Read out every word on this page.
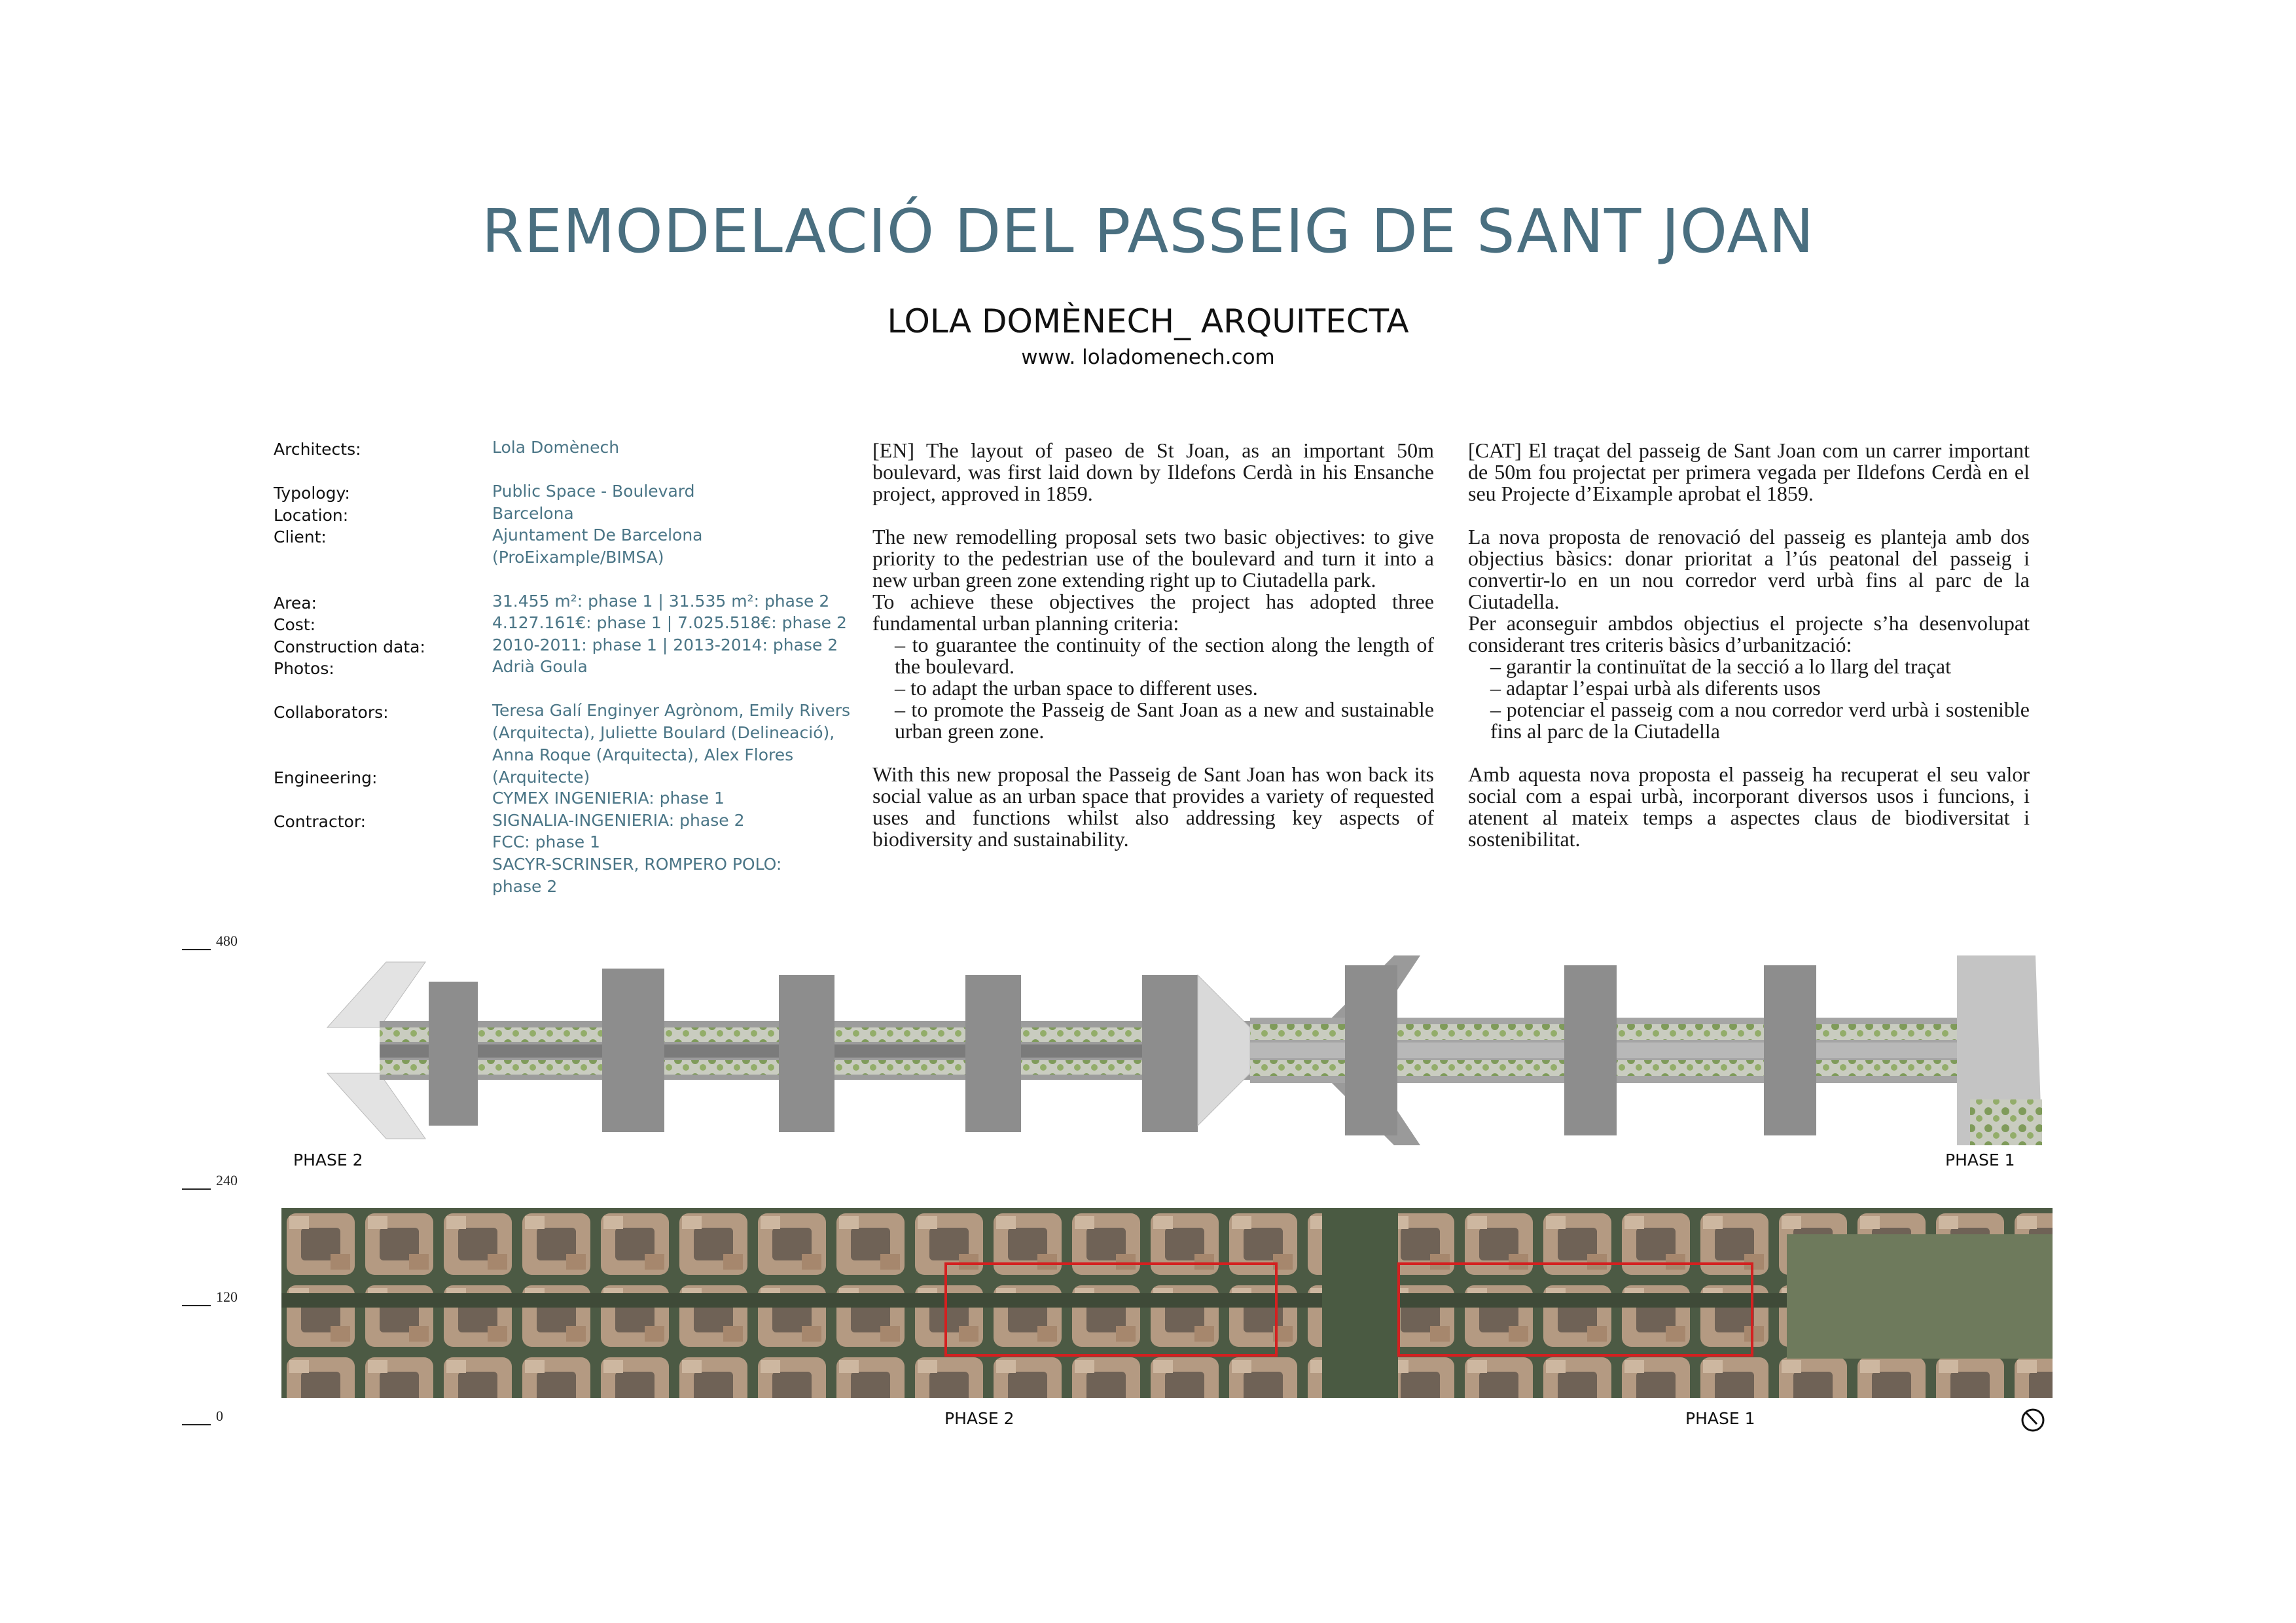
REMODELACIÓ DEL PASSEIG DE SANT JOAN
LOLA DOMÈNECH_ ARQUITECTA
www. loladomenech.com
Architects:	Lola Domènech
Typology:	Public Space - Boulevard
Location:	Barcelona
Client:	Ajuntament De Barcelona
(ProEixample/BIMSA)
Area:	31.455 m²: phase 1 | 31.535 m²: phase 2
Cost:	4.127.161€: phase 1 | 7.025.518€: phase 2
Construction data:	2010-2011: phase 1 | 2013-2014: phase 2
Photos:	Adrià Goula
Collaborators:	Teresa Galí Enginyer Agrònom, Emily Rivers
(Arquitecta), Juliette Boulard (Delineació),
Anna Roque (Arquitecta), Alex Flores
(Arquitecte)
Engineering:
CYMEX INGENIERIA: phase 1
SIGNALIA-INGENIERIA: phase 2
Contractor:
FCC: phase 1
SACYR-SCRINSER, ROMPERO POLO:
phase 2

[EN] The layout of paseo de St Joan, as an important 50m boulevard, was first laid down by Ildefons Cerdà in his Ensanche project, approved in 1859.

The new remodelling proposal sets two basic objectives: to give priority to the pedestrian use of the boulevard and turn it into a new urban green zone extending right up to Ciutadella park.
To achieve these objectives the project has adopted three fundamental urban planning criteria:
– to guarantee the continuity of the section along the length of the boulevard.
– to adapt the urban space to different uses.

– to promote the Passeig de Sant Joan as a new and sustainable urban green zone.

With this new proposal the Passeig de Sant Joan has won back its social value as an urban space that provides a variety of requested uses and functions whilst also addressing key aspects of biodiversity and sustainability.

[CAT] El traçat del passeig de Sant Joan com un carrer important de 50m fou projectat per primera vegada per Ildefons Cerdà en el seu Projecte d’Eixample aprobat el 1859.

La nova proposta de renovació del passeig es planteja amb dos objectius bàsics: donar prioritat a l’ús peatonal del passeig i convertir-lo en un nou corredor verd urbà fins al parc de la Ciutadella.
Per aconseguir ambdos objectius el projecte s’ha desenvolupat considerant tres criteris bàsics d’urbanització:
– garantir la continuïtat de la secció a lo llarg del traçat
– adaptar l’espai urbà als diferents usos

– potenciar el passeig com a nou corredor verd urbà i sostenible fins al parc de la Ciutadella

Amb aquesta nova proposta el passeig ha recuperat el seu valor social com a espai urbà, incorporant diversos usos i funcions, i atenent al mateix temps a aspectes claus de biodiversitat i sostenibilitat.

480
240
120
0
PHASE 2	PHASE 1
PHASE 2	PHASE 1
